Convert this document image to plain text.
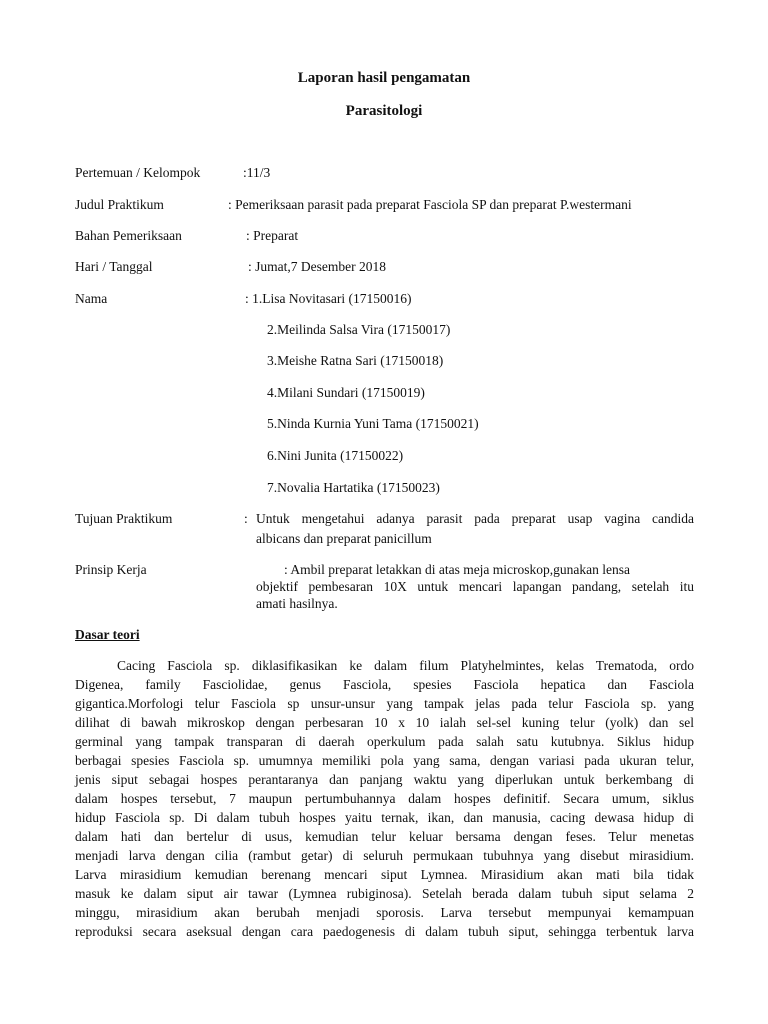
Laporan hasil pengamatan
Parasitologi
Pertemuan / Kelompok	:11/3
Judul Praktikum	: Pemeriksaan parasit pada preparat Fasciola SP dan preparat P.westermani
Bahan Pemeriksaan	: Preparat
Hari / Tanggal	: Jumat,7 Desember 2018
Nama	: 1.Lisa Novitasari (17150016)
2.Meilinda Salsa Vira (17150017)
3.Meishe Ratna Sari (17150018)
4.Milani Sundari (17150019)
5.Ninda Kurnia Yuni Tama (17150021)
6.Nini Junita (17150022)
7.Novalia Hartatika (17150023)
Tujuan Praktikum	: Untuk mengetahui adanya parasit pada preparat usap vagina candida
albicans dan preparat panicillum
Prinsip Kerja	: Ambil preparat letakkan di atas meja microskop,gunakan lensa
objektif pembesaran 10X untuk mencari lapangan pandang, setelah itu
amati hasilnya.
Dasar teori
Cacing Fasciola sp. diklasifikasikan ke dalam filum Platyhelmintes, kelas Trematoda, ordo
Digenea, family Fasciolidae, genus Fasciola, spesies Fasciola hepatica dan Fasciola
gigantica.Morfologi telur Fasciola sp unsur-unsur yang tampak jelas pada telur Fasciola sp. yang
dilihat di bawah mikroskop dengan perbesaran 10 x 10 ialah sel-sel kuning telur (yolk) dan sel
germinal yang tampak transparan di daerah operkulum pada salah satu kutubnya. Siklus hidup
berbagai spesies Fasciola sp. umumnya memiliki pola yang sama, dengan variasi pada ukuran telur,
jenis siput sebagai hospes perantaranya dan panjang waktu yang diperlukan untuk berkembang di
dalam hospes tersebut, 7 maupun pertumbuhannya dalam hospes definitif. Secara umum, siklus
hidup Fasciola sp. Di dalam tubuh hospes yaitu ternak, ikan, dan manusia, cacing dewasa hidup di
dalam hati dan bertelur di usus, kemudian telur keluar bersama dengan feses. Telur menetas
menjadi larva dengan cilia (rambut getar) di seluruh permukaan tubuhnya yang disebut mirasidium.
Larva mirasidium kemudian berenang mencari siput Lymnea. Mirasidium akan mati bila tidak
masuk ke dalam siput air tawar (Lymnea rubiginosa). Setelah berada dalam tubuh siput selama 2
minggu, mirasidium akan berubah menjadi sporosis. Larva tersebut mempunyai kemampuan
reproduksi secara aseksual dengan cara paedogenesis di dalam tubuh siput, sehingga terbentuk larva
